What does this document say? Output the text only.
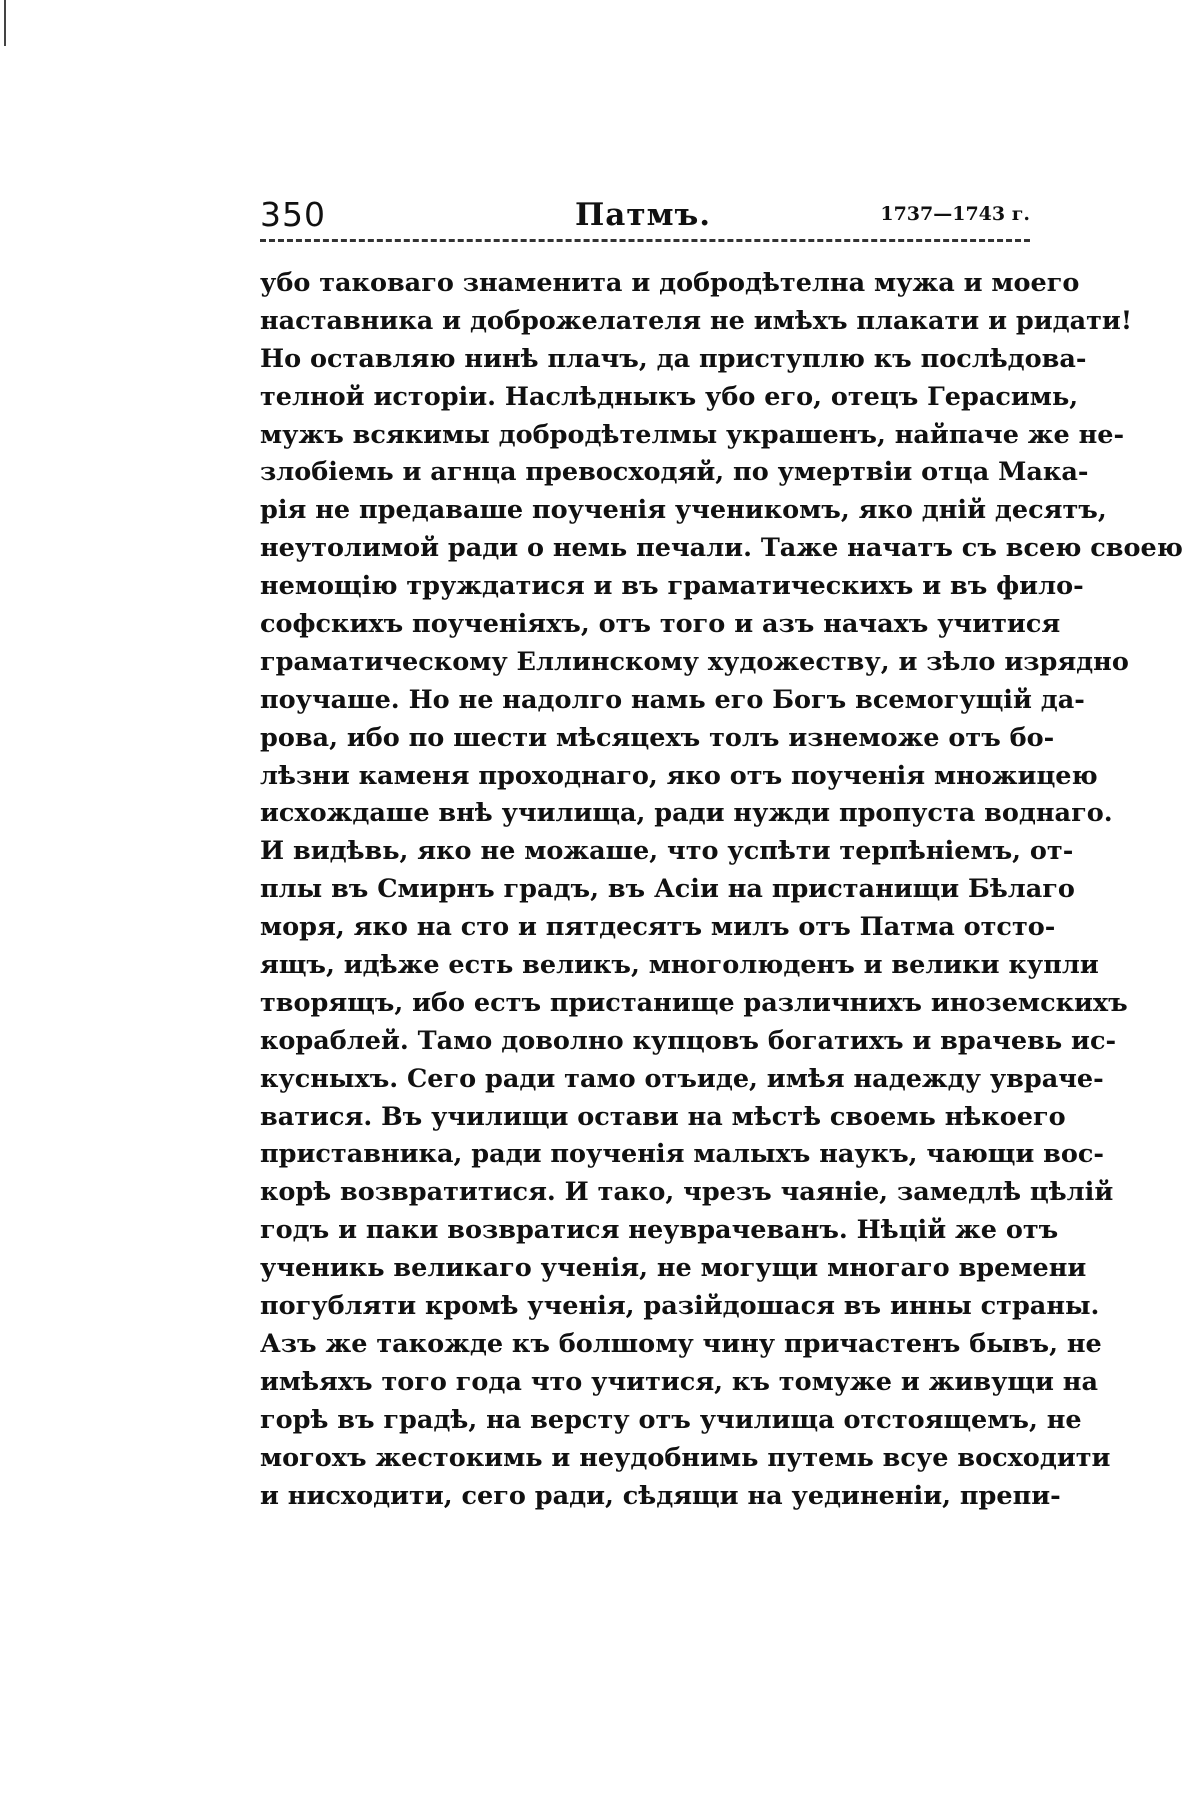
350	Патмъ.	1737—1743 г.
убо таковаго знаменита и добродѣтелна мужа и моего
наставника и доброжелателя не имѣхъ плакати и ридати!
Но оставляю нинѣ плачъ, да приступлю къ послѣдова-
телной исторіи. Наслѣдныкъ убо его, отецъ Герасимь,
мужъ всякимы добродѣтелмы украшенъ, найпаче же не-
злобіемь и агнца превосходяй, по умертвіи отца Мака-
рія не предаваше поученія ученикомъ, яко дній десятъ,
неутолимой ради о немь печали. Таже начатъ съ всею своею
немощію труждатися и въ граматическихъ и въ фило-
софскихъ поученіяхъ, отъ того и азъ начахъ учитися
граматическому Еллинскому художеству, и зѣло изрядно
поучаше. Но не надолго намь его Богъ всемогущій да-
рова, ибо по шести мѣсяцехъ толъ изнеможе отъ бо-
лѣзни каменя проходнаго, яко отъ поученія множицею
исхождаше внѣ училища, ради нужди пропуста воднаго.
И видѣвь, яко не можаше, что успѣти терпѣніемъ, от-
плы въ Смирнъ градъ, въ Асіи на пристанищи Бѣлаго
моря, яко на сто и пятдесятъ милъ отъ Патма отсто-
ящъ, идѣже есть великъ, многолюденъ и велики купли
творящъ, ибо естъ пристанище различнихъ иноземскихъ
кораблей. Тамо доволно купцовъ богатихъ и врачевь ис-
кусныхъ. Сего ради тамо отъиде, имѣя надежду увраче-
ватися. Въ училищи остави на мѣстѣ своемь нѣкоего
приставника, ради поученія малыхъ наукъ, чающи вос-
корѣ возвратитися. И тако, чрезъ чаяніе, замедлѣ цѣлій
годъ и паки возвратися неуврачеванъ. Нѣцій же отъ
ученикь великаго ученія, не могущи многаго времени
погубляти кромѣ ученія, разійдошася въ инны страны.
Азъ же такожде къ болшому чину причастенъ бывъ, не
имѣяхъ того года что учитися, къ томуже и живущи на
горѣ въ градѣ, на версту отъ училища отстоящемъ, не
могохъ жестокимь и неудобнимь путемь всуе восходити
и нисходити, сего ради, сѣдящи на уединеніи, препи-
